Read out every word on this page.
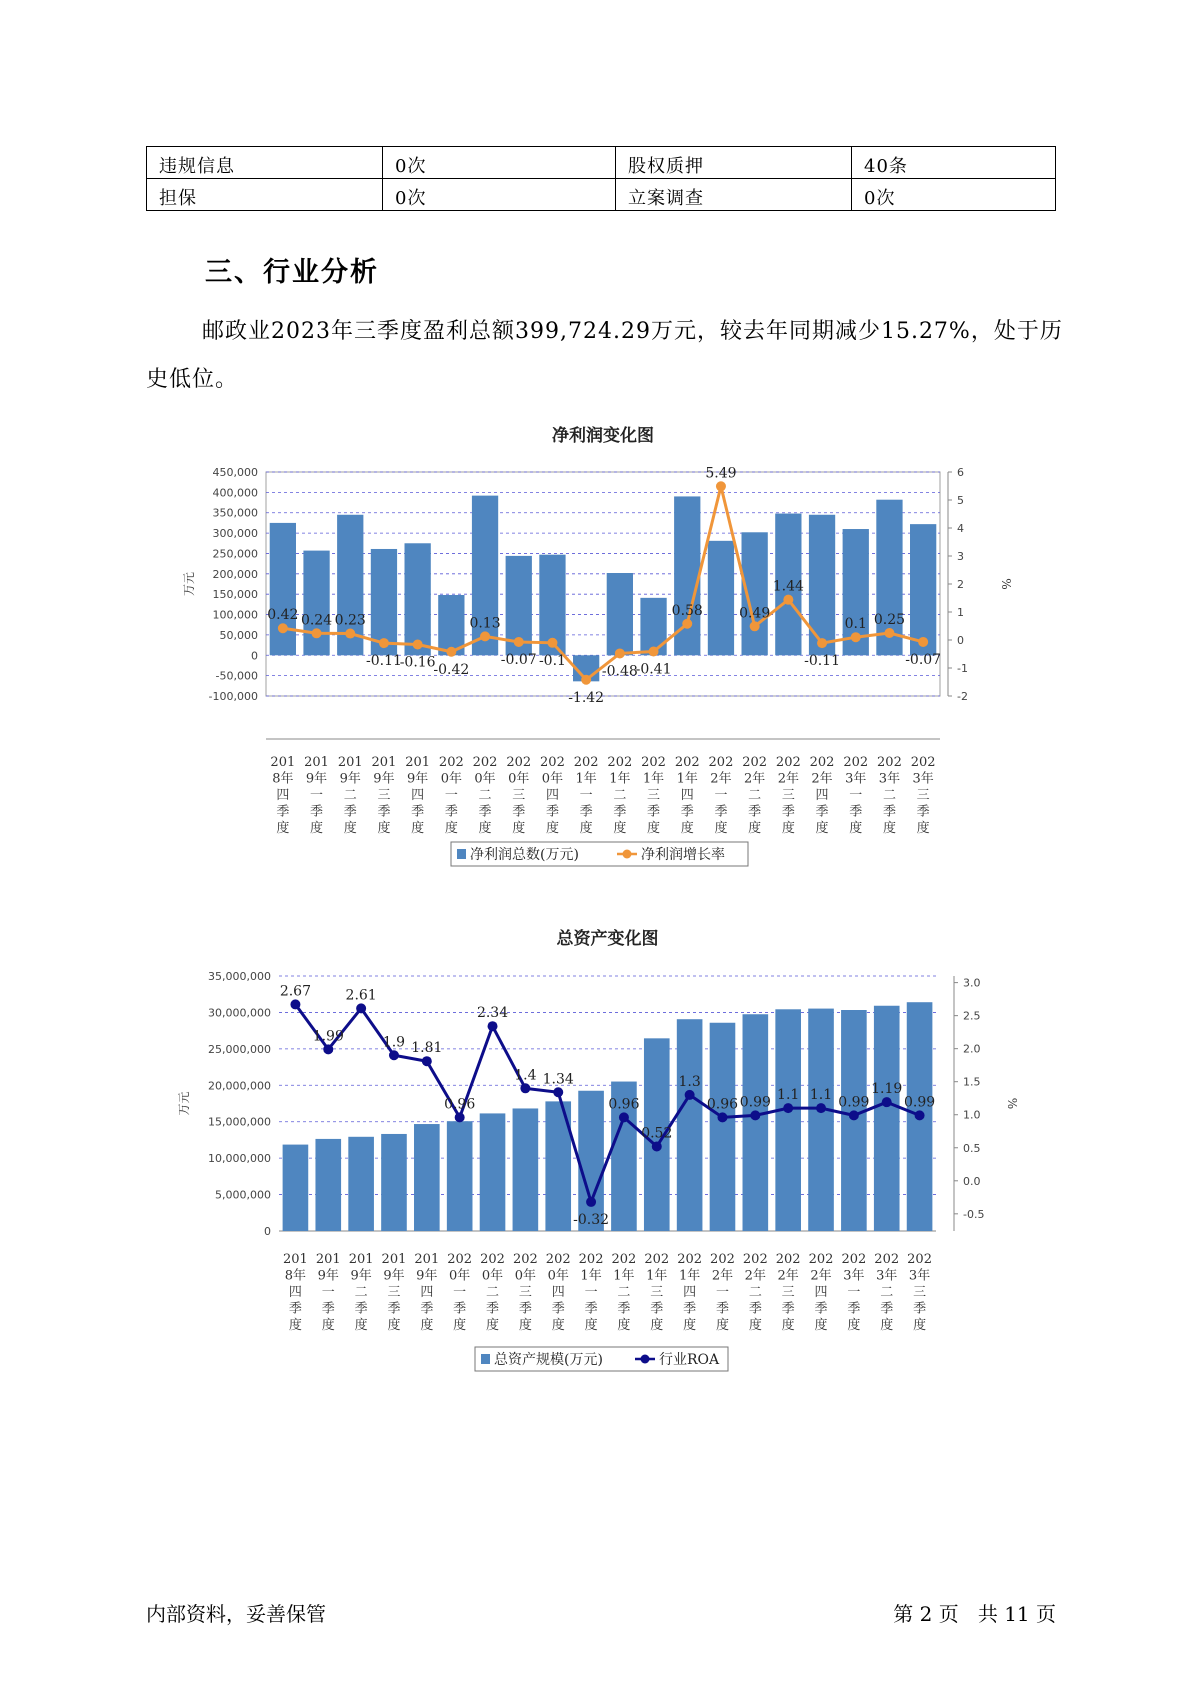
违规信息	0次	股权质押	40条
担保	0次	立案调查	0次
三、行业分析

邮政业2023年三季度盈利总额399,724.29万元，较去年同期减少15.27%，处于历史低位。

净利润变化图
450,000
400,000
350,000
300,000
250,000
200,000
150,000
100,000
50,000
0
-50,000
-100,000
6
5
4
3
2
1
0
-1
-2
万元	%
0.42 0.24 0.23
-0.11
-0.16
-0.42
0.13
-0.07 -0.1
-1.42
-0.48
-0.41
0.58
5.49
0.49
1.44
-0.11
0.1 0.25
-0.07
201
8年
四
季
度
201
9年
一
季
度
201
9年
二
季
度
201
9年
三
季
度
201
9年
四
季
度
202
0年
一
季
度
202
0年
二
季
度
202
0年
三
季
度
202
0年
四
季
度
202
1年
一
季
度
202
1年
二
季
度
202
1年
三
季
度
202
1年
四
季
度
202
2年
一
季
度
202
2年
二
季
度
202
2年
三
季
度
202
2年
四
季
度
202
3年
一
季
度
202
3年
二
季
度
202
3年
三
季
度
净利润总数(万元)	净利润增长率
总资产变化图
35,000,000
30,000,000
25,000,000
20,000,000
15,000,000
10,000,000
5,000,000
0
3.0
2.5
2.0
1.5
1.0
0.5
0.0
-0.5
万元	%
2.67
1.99
2.61
1.9 1.81
0.96
2.34
1.4 1.34
-0.32
0.96
0.52
1.3
0.96 0.99 1.1 1.1 0.99
1.19
0.99
201
8年
四
季
度
201
9年
一
季
度
201
9年
二
季
度
201
9年
三
季
度
201
9年
四
季
度
202
0年
一
季
度
202
0年
二
季
度
202
0年
三
季
度
202
0年
四
季
度
202
1年
一
季
度
202
1年
二
季
度
202
1年
三
季
度
202
1年
四
季
度
202
2年
一
季
度
202
2年
二
季
度
202
2年
三
季
度
202
2年
四
季
度
202
3年
一
季
度
202
3年
二
季
度
202
3年
三
季
度
总资产规模(万元)	行业ROA
内部资料，妥善保管	第 2 页 共 11 页
